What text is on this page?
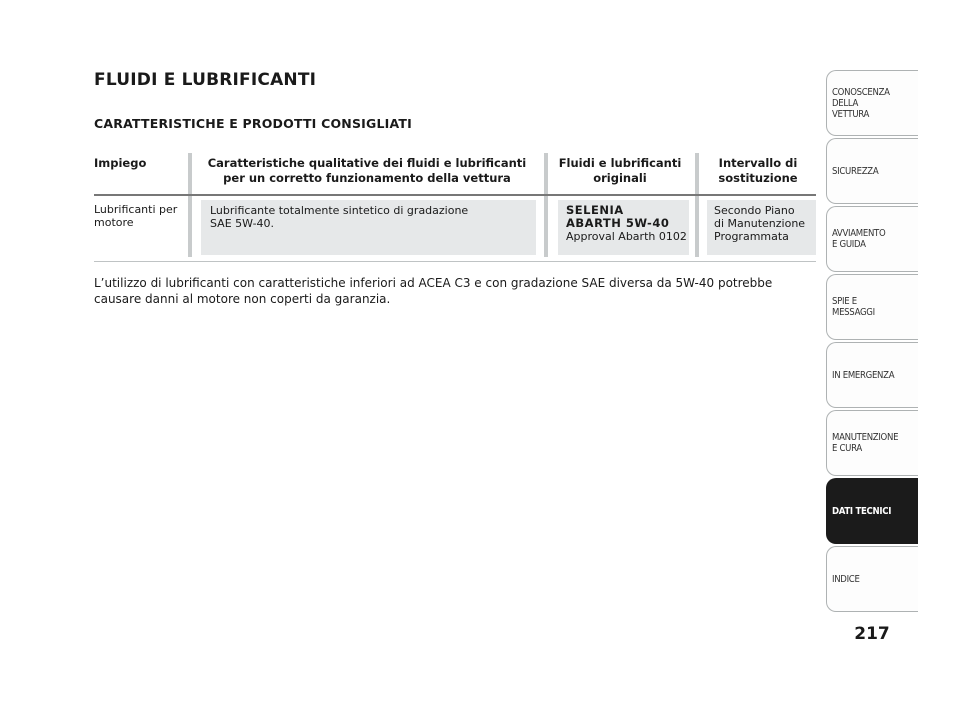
FLUIDI E LUBRIFICANTI
CARATTERISTICHE E PRODOTTI CONSIGLIATI
Impiego	Caratteristiche qualitative dei fluidi e lubrificanti
per un corretto funzionamento della vettura
Fluidi e lubrificanti
originali
Intervallo di
sostituzione
Lubrificanti per motore
Lubrificante totalmente sintetico di gradazione
SAE 5W-40.
SELENIA
ABARTH 5W-40
Approval Abarth 0102
Secondo Piano
di Manutenzione
Programmata

L’utilizzo di lubrificanti con caratteristiche inferiori ad ACEA C3 e con gradazione SAE diversa da 5W-40 potrebbe causare danni al motore non coperti da garanzia.

CONOSCENZA
DELLA
VETTURA
SICUREZZA
AVVIAMENTO
E GUIDA
SPIE E
MESSAGGI
IN EMERGENZA
MANUTENZIONE
E CURA
DATI TECNICI
INDICE
217
